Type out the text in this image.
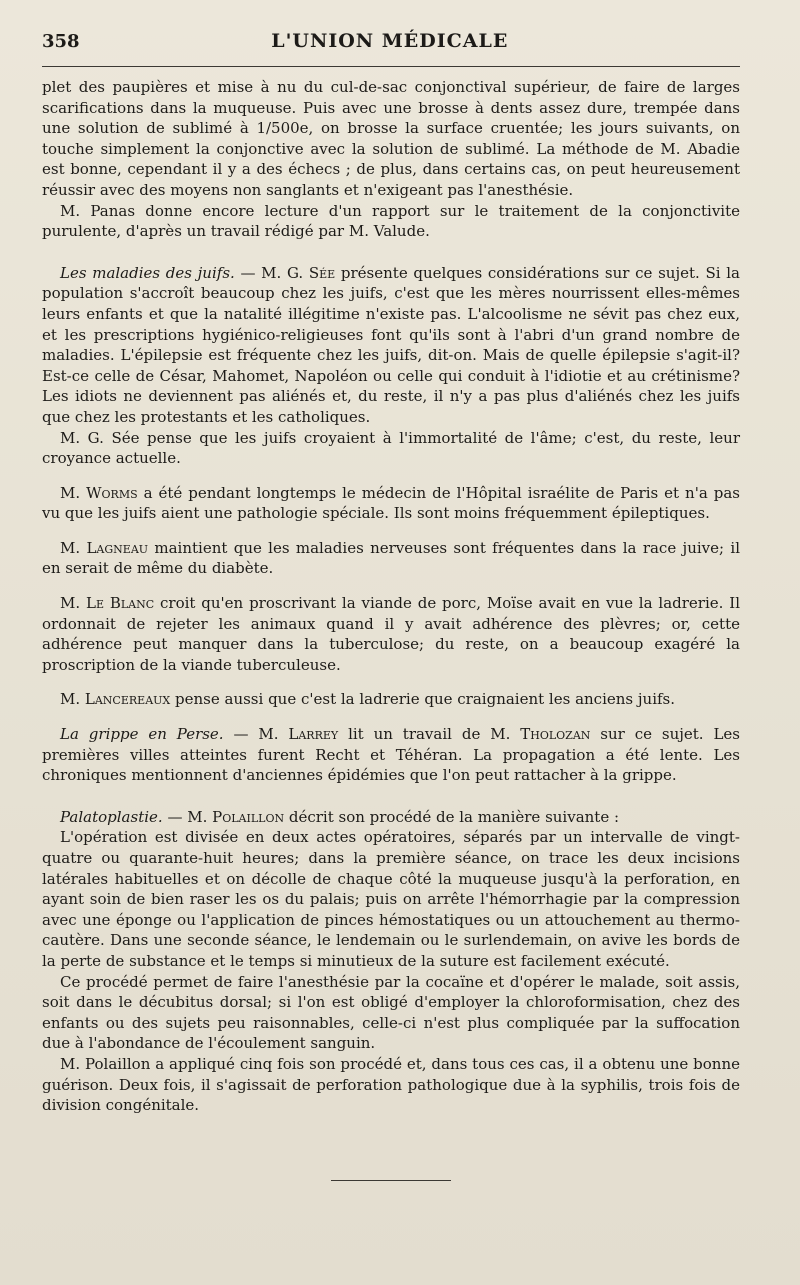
358	L'UNION MÉDICALE

plet des paupières et mise à nu du cul-de-sac conjonctival supérieur, de faire de larges scarifications dans la muqueuse. Puis avec une brosse à dents assez dure, trempée dans une solution de sublimé à 1/500e, on brosse la surface cruentée; les jours suivants, on touche simplement la conjonctive avec la solution de sublimé. La méthode de M. Abadie est bonne, cependant il y a des échecs ; de plus, dans certains cas, on peut heureusement réussir avec des moyens non sanglants et n'exigeant pas l'anesthésie.

M. Panas donne encore lecture d'un rapport sur le traitement de la conjonctivite purulente, d'après un travail rédigé par M. Valude.

Les maladies des juifs. — M. G. Sée présente quelques considérations sur ce sujet. Si la population s'accroît beaucoup chez les juifs, c'est que les mères nourrissent elles-mêmes leurs enfants et que la natalité illégitime n'existe pas. L'alcoolisme ne sévit pas chez eux, et les prescriptions hygiénico-religieuses font qu'ils sont à l'abri d'un grand nombre de maladies. L'épilepsie est fréquente chez les juifs, dit-on. Mais de quelle épilepsie s'agit-il? Est-ce celle de César, Mahomet, Napoléon ou celle qui conduit à l'idiotie et au crétinisme? Les idiots ne deviennent pas aliénés et, du reste, il n'y a pas plus d'aliénés chez les juifs que chez les protestants et les catholiques.

M. G. Sée pense que les juifs croyaient à l'immortalité de l'âme; c'est, du reste, leur croyance actuelle.

M. Worms a été pendant longtemps le médecin de l'Hôpital israélite de Paris et n'a pas vu que les juifs aient une pathologie spéciale. Ils sont moins fréquemment épileptiques.

M. Lagneau maintient que les maladies nerveuses sont fréquentes dans la race juive; il en serait de même du diabète.

M. Le Blanc croit qu'en proscrivant la viande de porc, Moïse avait en vue la ladrerie. Il ordonnait de rejeter les animaux quand il y avait adhérence des plèvres; or, cette adhérence peut manquer dans la tuberculose; du reste, on a beaucoup exagéré la proscription de la viande tuberculeuse.

M. Lancereaux pense aussi que c'est la ladrerie que craignaient les anciens juifs.

La grippe en Perse. — M. Larrey lit un travail de M. Tholozan sur ce sujet. Les premières villes atteintes furent Recht et Téhéran. La propagation a été lente. Les chroniques mentionnent d'anciennes épidémies que l'on peut rattacher à la grippe.

Palatoplastie. — M. Polaillon décrit son procédé de la manière suivante :

L'opération est divisée en deux actes opératoires, séparés par un intervalle de vingt-quatre ou quarante-huit heures; dans la première séance, on trace les deux incisions latérales habituelles et on décolle de chaque côté la muqueuse jusqu'à la perforation, en ayant soin de bien raser les os du palais; puis on arrête l'hémorrhagie par la compression avec une éponge ou l'application de pinces hémostatiques ou un attouchement au thermo-cautère. Dans une seconde séance, le lendemain ou le surlendemain, on avive les bords de la perte de substance et le temps si minutieux de la suture est facilement exécuté.

Ce procédé permet de faire l'anesthésie par la cocaïne et d'opérer le malade, soit assis, soit dans le décubitus dorsal; si l'on est obligé d'employer la chloroformisation, chez des enfants ou des sujets peu raisonnables, celle-ci n'est plus compliquée par la suffocation due à l'abondance de l'écoulement sanguin.

M. Polaillon a appliqué cinq fois son procédé et, dans tous ces cas, il a obtenu une bonne guérison. Deux fois, il s'agissait de perforation pathologique due à la syphilis, trois fois de division congénitale.
